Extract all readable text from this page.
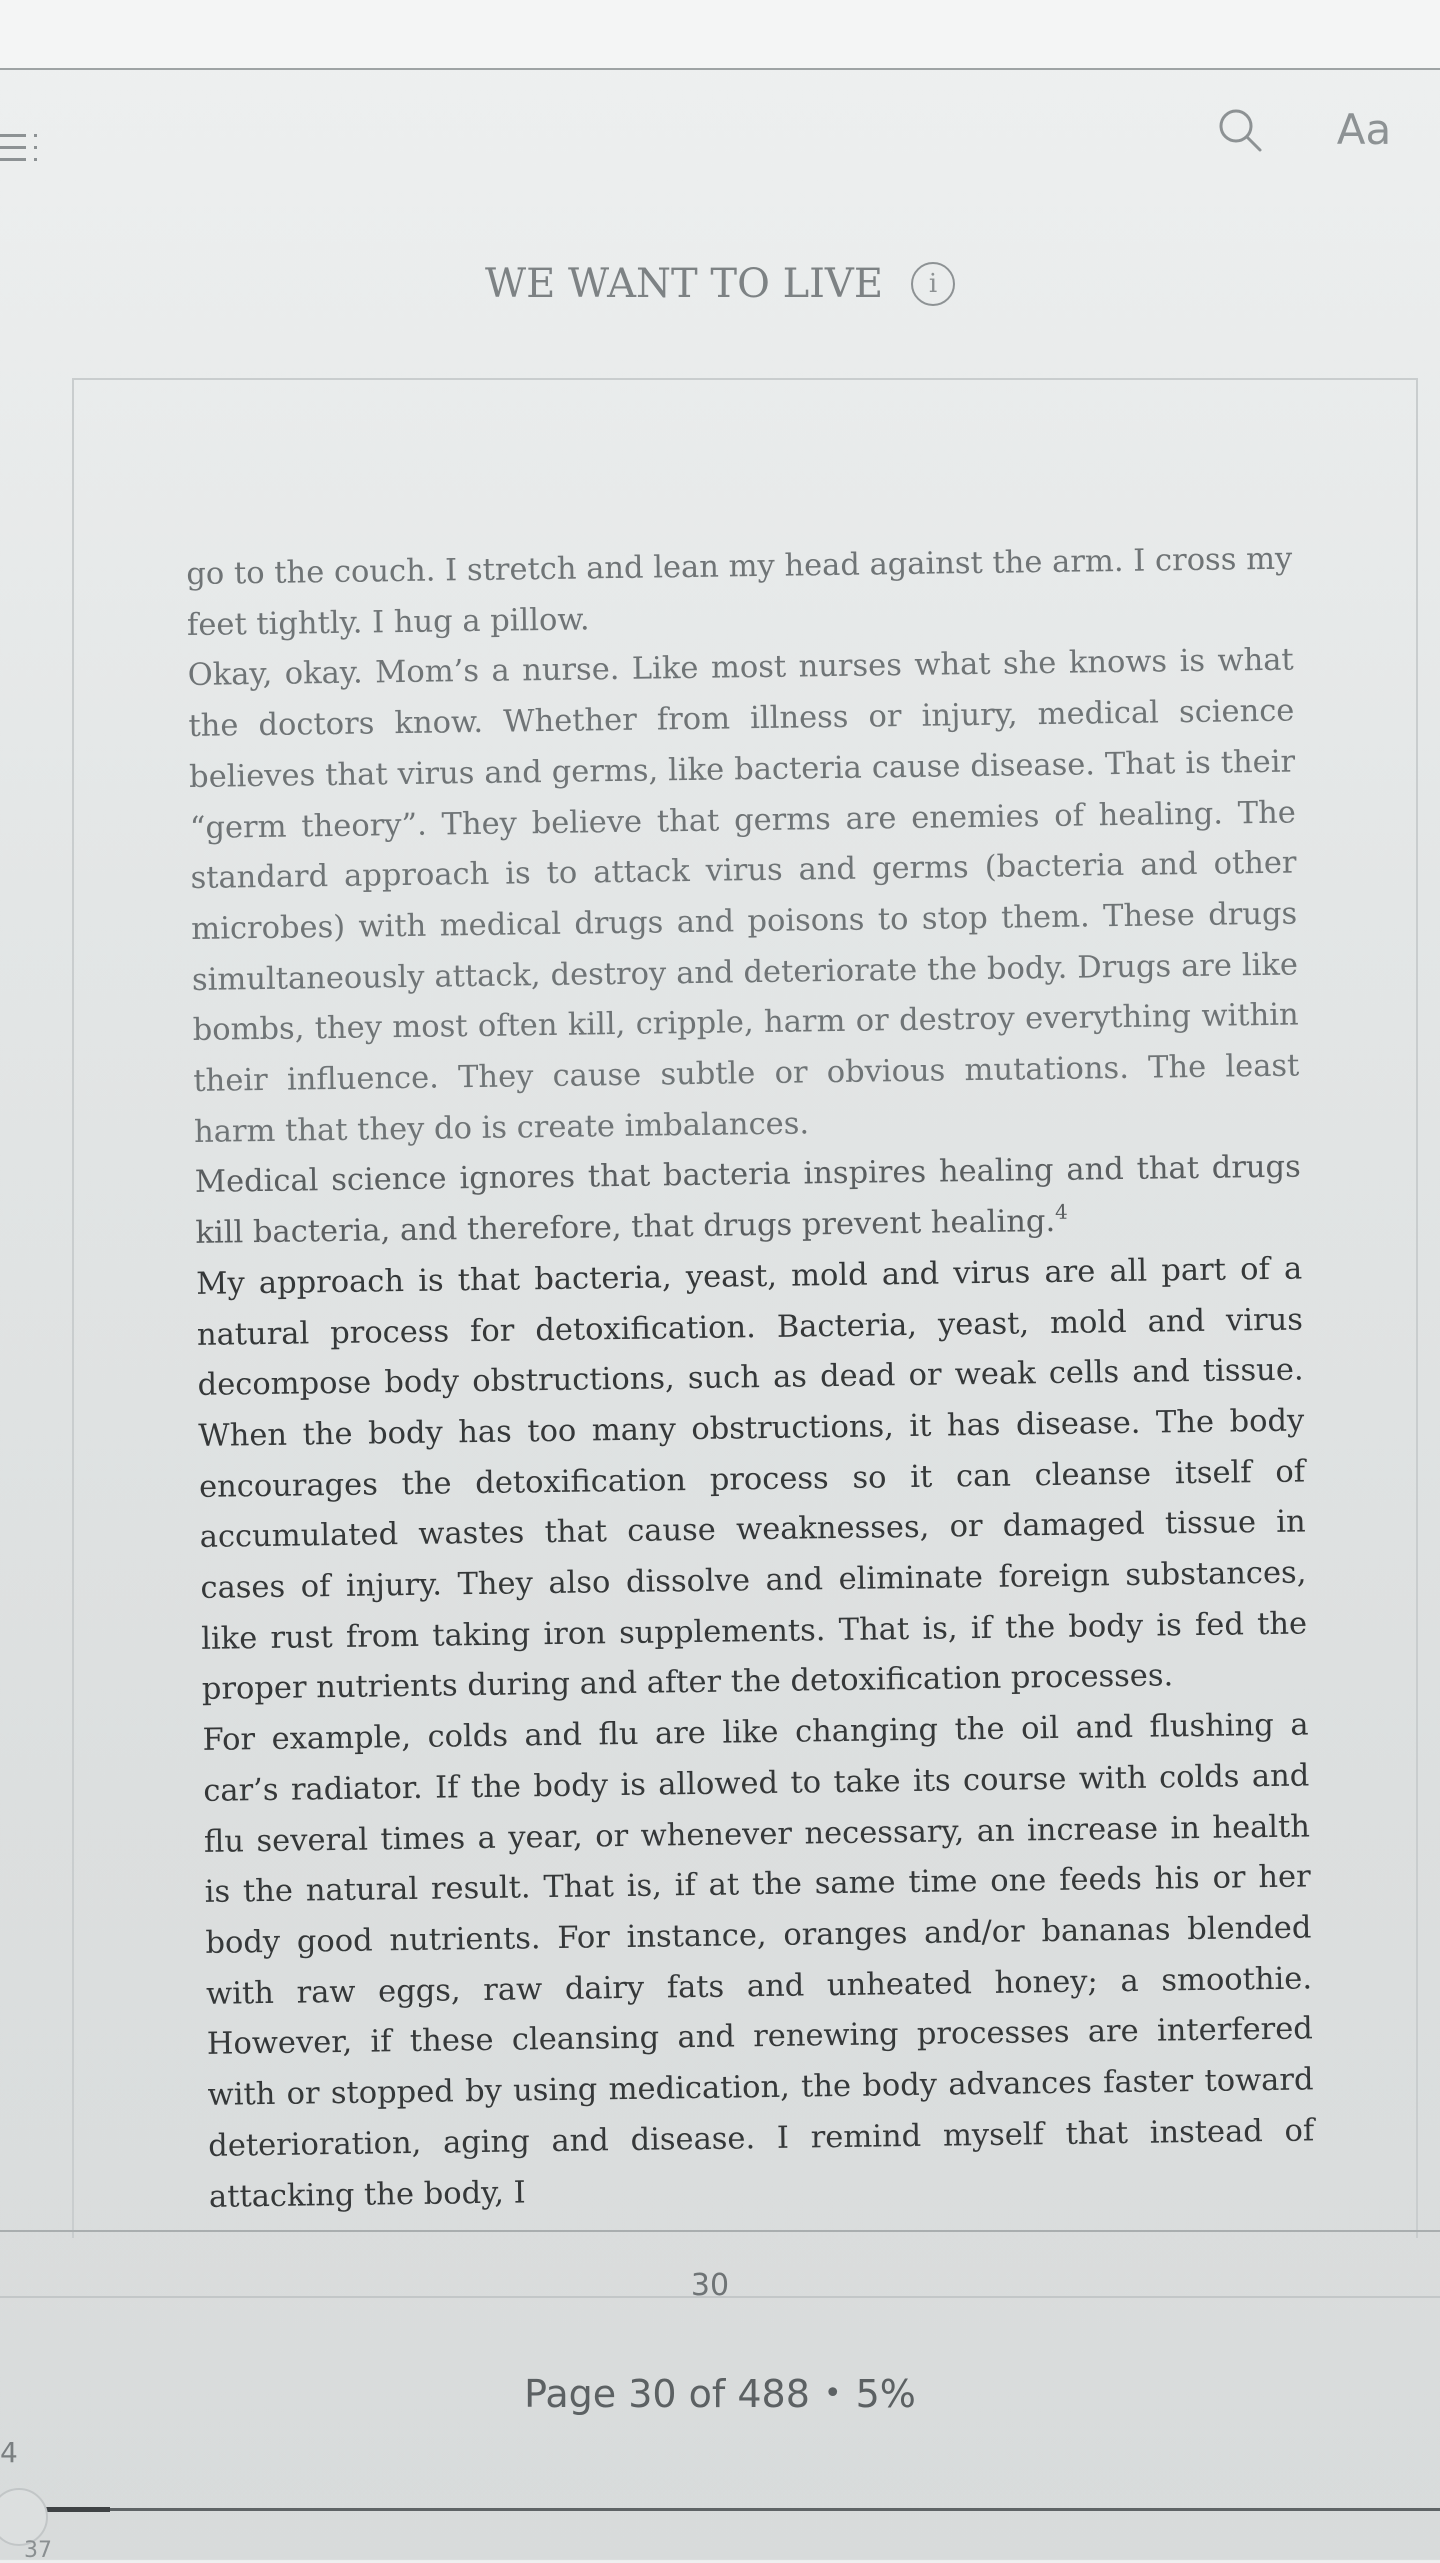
Aa
WE WANT TO LIVE i

go to the couch. I stretch and lean my head against the arm. I cross my feet tightly. I hug a pillow.

Okay, okay. Mom’s a nurse. Like most nurses what she knows is what the doctors know. Whether from illness or injury, medical science believes that virus and germs, like bacteria cause disease. That is their “germ theory”. They believe that germs are enemies of healing. The standard approach is to attack virus and germs (bacteria and other microbes) with medical drugs and poisons to stop them. These drugs simultaneously attack, destroy and deteriorate the body. Drugs are like bombs, they most often kill, cripple, harm or destroy everything within their influence. They cause subtle or obvious mutations. The least harm that they do is create imbalances.

Medical science ignores that bacteria inspires healing and that drugs kill bacteria, and therefore, that drugs prevent healing.$^4$

My approach is that bacteria, yeast, mold and virus are all part of a natural process for detoxification. Bacteria, yeast, mold and virus decompose body obstructions, such as dead or weak cells and tissue. When the body has too many obstructions, it has disease. The body encourages the detoxification process so it can cleanse itself of accumulated wastes that cause weaknesses, or damaged tissue in cases of injury. They also dissolve and eliminate foreign substances, like rust from taking iron supplements. That is, if the body is fed the proper nutrients during and after the detoxification processes.

For example, colds and flu are like changing the oil and flushing a car’s radiator. If the body is allowed to take its course with colds and flu several times a year, or whenever necessary, an increase in health is the natural result. That is, if at the same time one feeds his or her body good nutrients. For instance, oranges and/or bananas blended with raw eggs, raw dairy fats and unheated honey; a smoothie. However, if these cleansing and renewing processes are interfered with or stopped by using medication, the body advances faster toward deterioration, aging and disease. I remind myself that instead of attacking the body, I

30
Page 30 of 488 • 5%
4
37
